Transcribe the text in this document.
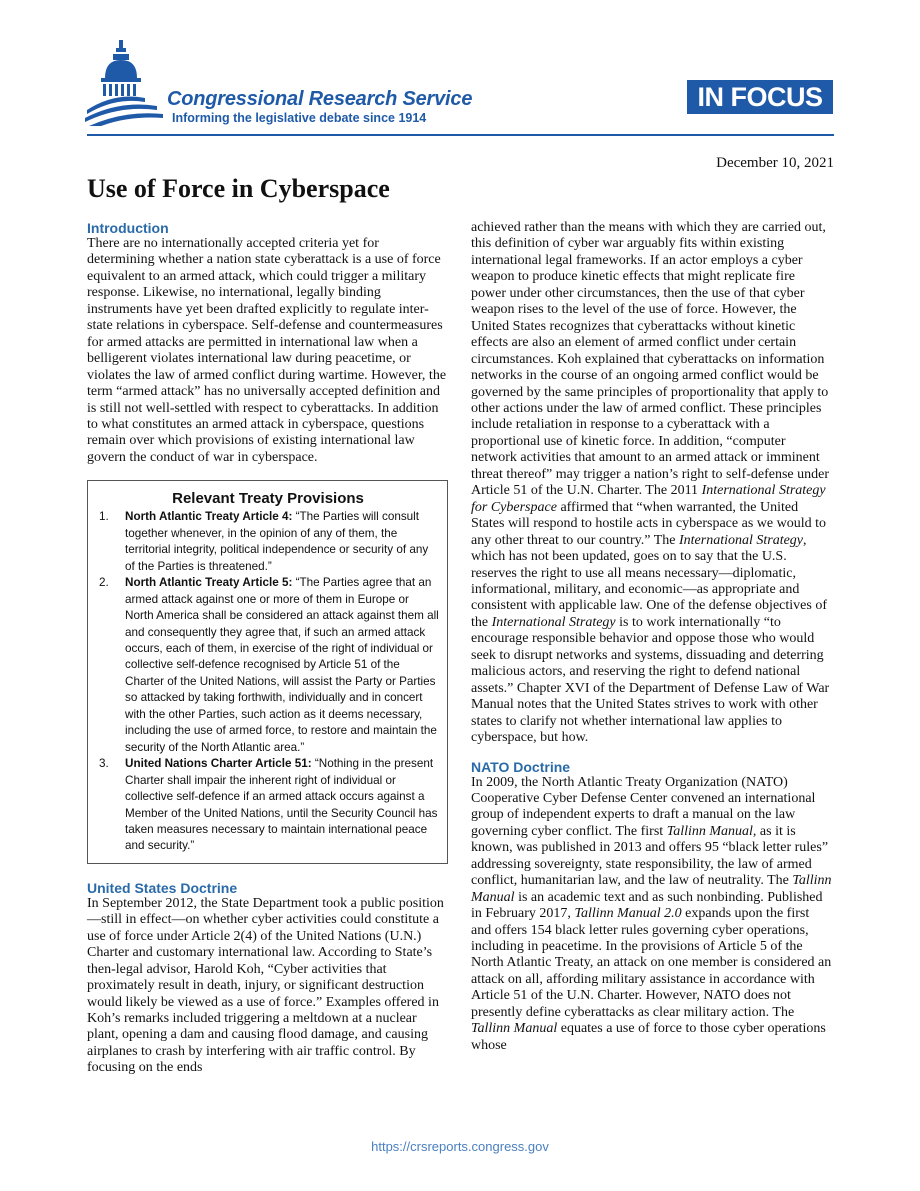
Congressional Research Service
Informing the legislative debate since 1914
IN FOCUS
December 10, 2021
Use of Force in Cyberspace
Introduction

There are no internationally accepted criteria yet for determining whether a nation state cyberattack is a use of force equivalent to an armed attack, which could trigger a military response. Likewise, no international, legally binding instruments have yet been drafted explicitly to regulate inter-state relations in cyberspace. Self-defense and countermeasures for armed attacks are permitted in international law when a belligerent violates international law during peacetime, or violates the law of armed conflict during wartime. However, the term “armed attack” has no universally accepted definition and is still not well-settled with respect to cyberattacks. In addition to what constitutes an armed attack in cyberspace, questions remain over which provisions of existing international law govern the conduct of war in cyberspace.

Relevant Treaty Provisions
1. North Atlantic Treaty Article 4: “The Parties will consult together whenever, in the opinion of any of them, the territorial integrity, political independence or security of any of the Parties is threatened.”
2. North Atlantic Treaty Article 5: “The Parties agree that an armed attack against one or more of them in Europe or North America shall be considered an attack against them all and consequently they agree that, if such an armed attack occurs, each of them, in exercise of the right of individual or collective self-defence recognised by Article 51 of the Charter of the United Nations, will assist the Party or Parties so attacked by taking forthwith, individually and in concert with the other Parties, such action as it deems necessary, including the use of armed force, to restore and maintain the security of the North Atlantic area.”
3. United Nations Charter Article 51: “Nothing in the present Charter shall impair the inherent right of individual or collective self-defence if an armed attack occurs against a Member of the United Nations, until the Security Council has taken measures necessary to maintain international peace and security.”
United States Doctrine

In September 2012, the State Department took a public position—still in effect—on whether cyber activities could constitute a use of force under Article 2(4) of the United Nations (U.N.) Charter and customary international law. According to State’s then-legal advisor, Harold Koh, “Cyber activities that proximately result in death, injury, or significant destruction would likely be viewed as a use of force.” Examples offered in Koh’s remarks included triggering a meltdown at a nuclear plant, opening a dam and causing flood damage, and causing airplanes to crash by interfering with air traffic control. By focusing on the ends

achieved rather than the means with which they are carried out, this definition of cyber war arguably fits within existing international legal frameworks. If an actor employs a cyber weapon to produce kinetic effects that might replicate fire power under other circumstances, then the use of that cyber weapon rises to the level of the use of force. However, the United States recognizes that cyberattacks without kinetic effects are also an element of armed conflict under certain circumstances. Koh explained that cyberattacks on information networks in the course of an ongoing armed conflict would be governed by the same principles of proportionality that apply to other actions under the law of armed conflict. These principles include retaliation in response to a cyberattack with a proportional use of kinetic force. In addition, “computer network activities that amount to an armed attack or imminent threat thereof” may trigger a nation’s right to self-defense under Article 51 of the U.N. Charter. The 2011 International Strategy for Cyberspace affirmed that “when warranted, the United States will respond to hostile acts in cyberspace as we would to any other threat to our country.” The International Strategy, which has not been updated, goes on to say that the U.S. reserves the right to use all means necessary—diplomatic, informational, military, and economic—as appropriate and consistent with applicable law. One of the defense objectives of the International Strategy is to work internationally “to encourage responsible behavior and oppose those who would seek to disrupt networks and systems, dissuading and deterring malicious actors, and reserving the right to defend national assets.” Chapter XVI of the Department of Defense Law of War Manual notes that the United States strives to work with other states to clarify not whether international law applies to cyberspace, but how.

NATO Doctrine

In 2009, the North Atlantic Treaty Organization (NATO) Cooperative Cyber Defense Center convened an international group of independent experts to draft a manual on the law governing cyber conflict. The first Tallinn Manual, as it is known, was published in 2013 and offers 95 “black letter rules” addressing sovereignty, state responsibility, the law of armed conflict, humanitarian law, and the law of neutrality. The Tallinn Manual is an academic text and as such nonbinding. Published in February 2017, Tallinn Manual 2.0 expands upon the first and offers 154 black letter rules governing cyber operations, including in peacetime. In the provisions of Article 5 of the North Atlantic Treaty, an attack on one member is considered an attack on all, affording military assistance in accordance with Article 51 of the U.N. Charter. However, NATO does not presently define cyberattacks as clear military action. The Tallinn Manual equates a use of force to those cyber operations whose

https://crsreports.congress.gov
